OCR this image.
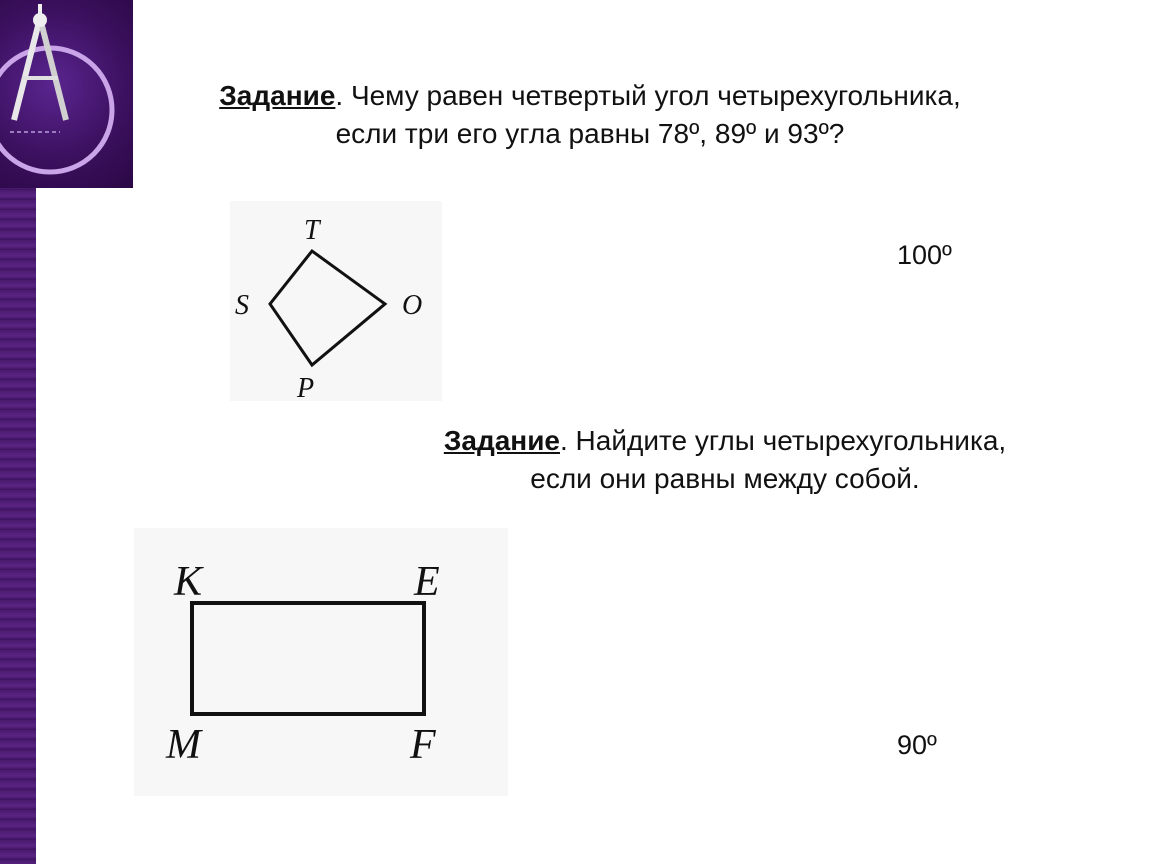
Задание. Чему равен четвертый угол четырехугольника,
если три его угла равны 78º, 89º и 93º?
T
S	O
P
100º
Задание. Найдите углы четырехугольника,
если они равны между собой.
K	E
M	F	90º
